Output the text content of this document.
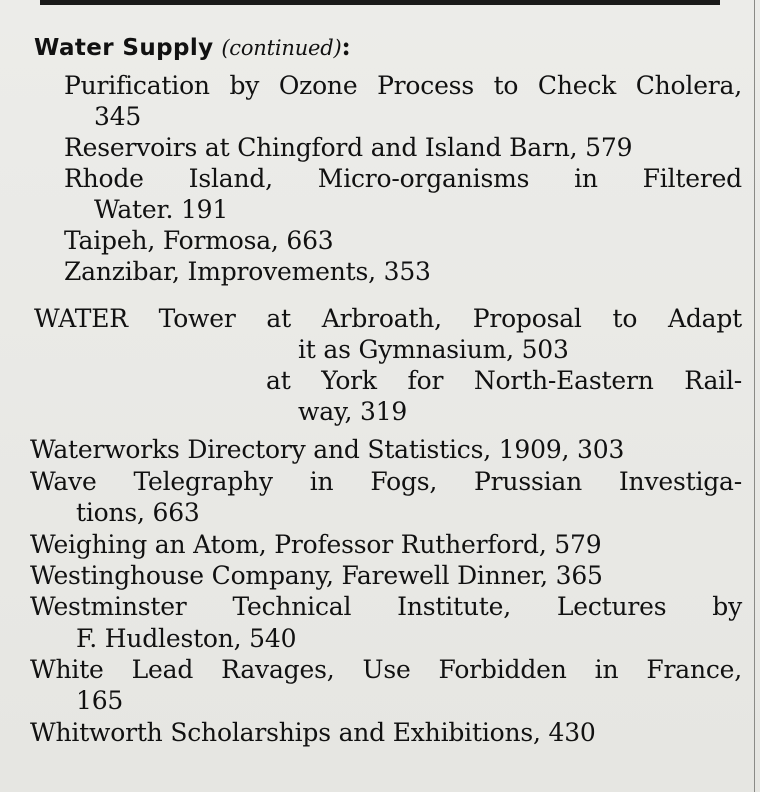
Water Supply (continued):
Purification by Ozone Process to Check Cholera,
345
Reservoirs at Chingford and Island Barn, 579
Rhode Island, Micro-organisms in Filtered
Water. 191
Taipeh, Formosa, 663
Zanzibar, Improvements, 353
WATER Tower at Arbroath, Proposal to Adapt
it as Gymnasium, 503
at York for North-Eastern Rail-
way, 319
Waterworks Directory and Statistics, 1909, 303
Wave Telegraphy in Fogs, Prussian Investiga-
tions, 663
Weighing an Atom, Professor Rutherford, 579
Westinghouse Company, Farewell Dinner, 365
Westminster Technical Institute, Lectures by
F. Hudleston, 540
White Lead Ravages, Use Forbidden in France,
165
Whitworth Scholarships and Exhibitions, 430
